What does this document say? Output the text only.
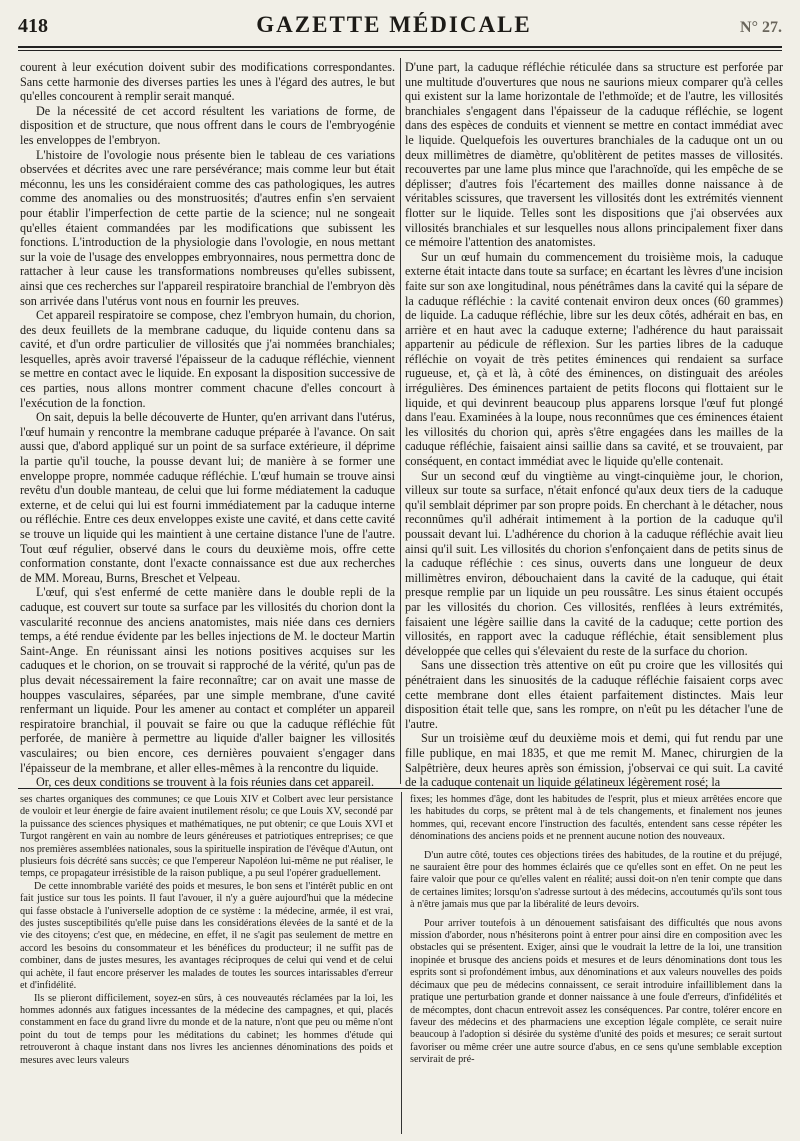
418	GAZETTE MÉDICALE	N° 27.

courent à leur exécution doivent subir des modifications correspondantes. Sans cette harmonie des diverses parties les unes à l'égard des autres, le but qu'elles concourent à remplir serait manqué.

De la nécessité de cet accord résultent les variations de forme, de disposition et de structure, que nous offrent dans le cours de l'embryogénie les enveloppes de l'embryon.

L'histoire de l'ovologie nous présente bien le tableau de ces variations observées et décrites avec une rare persévérance; mais comme leur but était méconnu, les uns les considéraient comme des cas pathologiques, les autres comme des anomalies ou des monstruosités; d'autres enfin s'en servaient pour établir l'imperfection de cette partie de la science; nul ne songeait qu'elles étaient commandées par les modifications que subissent les fonctions. L'introduction de la physiologie dans l'ovologie, en nous mettant sur la voie de l'usage des enveloppes embryonnaires, nous permettra donc de rattacher à leur cause les transformations nombreuses qu'elles subissent, ainsi que ces recherches sur l'appareil respiratoire branchial de l'embryon dès son arrivée dans l'utérus vont nous en fournir les preuves.

Cet appareil respiratoire se compose, chez l'embryon humain, du chorion, des deux feuillets de la membrane caduque, du liquide contenu dans sa cavité, et d'un ordre particulier de villosités que j'ai nommées branchiales; lesquelles, après avoir traversé l'épaisseur de la caduque réfléchie, viennent se mettre en contact avec le liquide. En exposant la disposition successive de ces parties, nous allons montrer comment chacune d'elles concourt à l'exécution de la fonction.

On sait, depuis la belle découverte de Hunter, qu'en arrivant dans l'utérus, l'œuf humain y rencontre la membrane caduque préparée à l'avance. On sait aussi que, d'abord appliqué sur un point de sa surface extérieure, il déprime la partie qu'il touche, la pousse devant lui; de manière à se former une enveloppe propre, nommée caduque réfléchie. L'œuf humain se trouve ainsi revêtu d'un double manteau, de celui que lui forme médiatement la caduque externe, et de celui qui lui est fourni immédiatement par la caduque interne ou réfléchie. Entre ces deux enveloppes existe une cavité, et dans cette cavité se trouve un liquide qui les maintient à une certaine distance l'une de l'autre. Tout œuf régulier, observé dans le cours du deuxième mois, offre cette conformation constante, dont l'exacte connaissance est due aux recherches de MM. Moreau, Burns, Breschet et Velpeau.

L'œuf, qui s'est enfermé de cette manière dans le double repli de la caduque, est couvert sur toute sa surface par les villosités du chorion dont la vascularité reconnue des anciens anatomistes, mais niée dans ces derniers temps, a été rendue évidente par les belles injections de M. le docteur Martin Saint-Ange. En réunissant ainsi les notions positives acquises sur les caduques et le chorion, on se trouvait si rapproché de la vérité, qu'un pas de plus devait nécessairement la faire reconnaître; car on avait une masse de houppes vasculaires, séparées, par une simple membrane, d'une cavité renfermant un liquide. Pour les amener au contact et compléter un appareil respiratoire branchial, il pouvait se faire ou que la caduque réfléchie fût perforée, de manière à permettre au liquide d'aller baigner les villosités vasculaires; ou bien encore, ces dernières pouvaient s'engager dans l'épaisseur de la membrane, et aller elles-mêmes à la rencontre du liquide.

Or, ces deux conditions se trouvent à la fois réunies dans cet appareil.

D'une part, la caduque réfléchie réticulée dans sa structure est perforée par une multitude d'ouvertures que nous ne saurions mieux comparer qu'à celles qui existent sur la lame horizontale de l'ethmoïde; et de l'autre, les villosités branchiales s'engagent dans l'épaisseur de la caduque réfléchie, se logent dans des espèces de conduits et viennent se mettre en contact immédiat avec le liquide. Quelquefois les ouvertures branchiales de la caduque ont un ou deux millimètres de diamètre, qu'oblitèrent de petites masses de villosités. recouvertes par une lame plus mince que l'arachnoïde, qui les empêche de se déplisser; d'autres fois l'écartement des mailles donne naissance à de véritables scissures, que traversent les villosités dont les extrémités viennent flotter sur le liquide. Telles sont les dispositions que j'ai observées aux villosités branchiales et sur lesquelles nous allons principalement fixer dans ce mémoire l'attention des anatomistes.

Sur un œuf humain du commencement du troisième mois, la caduque externe était intacte dans toute sa surface; en écartant les lèvres d'une incision faite sur son axe longitudinal, nous pénétrâmes dans la cavité qui la sépare de la caduque réfléchie : la cavité contenait environ deux onces (60 grammes) de liquide. La caduque réfléchie, libre sur les deux côtés, adhérait en bas, en arrière et en haut avec la caduque externe; l'adhérence du haut paraissait appartenir au pédicule de réflexion. Sur les parties libres de la caduque réfléchie on voyait de très petites éminences qui rendaient sa surface rugueuse, et, çà et là, à côté des éminences, on distinguait des aréoles irrégulières. Des éminences partaient de petits flocons qui flottaient sur le liquide, et qui devinrent beaucoup plus apparens lorsque l'œuf fut plongé dans l'eau. Examinées à la loupe, nous reconnûmes que ces éminences étaient les villosités du chorion qui, après s'être engagées dans les mailles de la caduque réfléchie, faisaient ainsi saillie dans sa cavité, et se trouvaient, par conséquent, en contact immédiat avec le liquide qu'elle contenait.

Sur un second œuf du vingtième au vingt-cinquième jour, le chorion, villeux sur toute sa surface, n'était enfoncé qu'aux deux tiers de la caduque qu'il semblait déprimer par son propre poids. En cherchant à le détacher, nous reconnûmes qu'il adhérait intimement à la portion de la caduque qu'il poussait devant lui. L'adhérence du chorion à la caduque réfléchie avait lieu ainsi qu'il suit. Les villosités du chorion s'enfonçaient dans de petits sinus de la caduque réfléchie : ces sinus, ouverts dans une longueur de deux millimètres environ, débouchaient dans la cavité de la caduque, qui était presque remplie par un liquide un peu roussâtre. Les sinus étaient occupés par les villosités du chorion. Ces villosités, renflées à leurs extrémités, faisaient une légère saillie dans la cavité de la caduque; cette portion des villosités, en rapport avec la caduque réfléchie, était sensiblement plus développée que celles qui s'élevaient du reste de la surface du chorion.

Sans une dissection très attentive on eût pu croire que les villosités qui pénétraient dans les sinuosités de la caduque réfléchie faisaient corps avec cette membrane dont elles étaient parfaitement distinctes. Mais leur disposition était telle que, sans les rompre, on n'eût pu les détacher l'une de l'autre.

Sur un troisième œuf du deuxième mois et demi, qui fut rendu par une fille publique, en mai 1835, et que me remit M. Manec, chirurgien de la Salpêtrière, deux heures après son émission, j'observai ce qui suit. La cavité de la caduque contenait un liquide gélatineux légèrement rosé; la

ses chartes organiques des communes; ce que Louis XIV et Colbert avec leur persistance de vouloir et leur énergie de faire avaient inutilement résolu; ce que Louis XV, secondé par la puissance des sciences physiques et mathématiques, ne put obtenir; ce que Louis XVI et Turgot rangèrent en vain au nombre de leurs généreuses et patriotiques entreprises; ce que nos premières assemblées nationales, sous la spirituelle inspiration de l'évêque d'Autun, ont plusieurs fois décrété sans succès; ce que l'empereur Napoléon lui-même ne put réaliser, le temps, ce propagateur irrésistible de la raison publique, a pu seul l'opérer graduellement.

De cette innombrable variété des poids et mesures, le bon sens et l'intérêt public en ont fait justice sur tous les points. Il faut l'avouer, il n'y a guère aujourd'hui que la médecine qui fasse obstacle à l'universelle adoption de ce système : la médecine, armée, il est vrai, des justes susceptibilités qu'elle puise dans les considérations élevées de la santé et de la vie des citoyens; c'est que, en médecine, en effet, il ne s'agit pas seulement de mettre en accord les besoins du consommateur et les bénéfices du producteur; il ne suffit pas de combiner, dans de justes mesures, les avantages réciproques de celui qui vend et de celui qui achète, il faut encore préserver les malades de toutes les sources intarissables d'erreur et d'infidélité.

Ils se plieront difficilement, soyez-en sûrs, à ces nouveautés réclamées par la loi, les hommes adonnés aux fatigues incessantes de la médecine des campagnes, et qui, placés constamment en face du grand livre du monde et de la nature, n'ont que peu ou même n'ont point du tout de temps pour les méditations du cabinet; les hommes d'étude qui retrouveront à chaque instant dans nos livres les anciennes dénominations des poids et mesures avec leurs valeurs

fixes; les hommes d'âge, dont les habitudes de l'esprit, plus et mieux arrêtées encore que les habitudes du corps, se prêtent mal à de tels changements, et finalement nos jeunes hommes, qui, recevant encore l'instruction des facultés, entendent sans cesse répéter les dénominations des anciens poids et ne prennent aucune notion des nouveaux.

D'un autre côté, toutes ces objections tirées des habitudes, de la routine et du préjugé, ne sauraient être pour des hommes éclairés que ce qu'elles sont en effet. On ne peut les faire valoir que pour ce qu'elles valent en réalité; aussi doit-on n'en tenir compte que dans de certaines limites; lorsqu'on s'adresse surtout à des médecins, accoutumés qu'ils sont tous à n'être jamais mus que par la libéralité de leurs devoirs.

Pour arriver toutefois à un dénouement satisfaisant des difficultés que nous avons mission d'aborder, nous n'hésiterons point à entrer pour ainsi dire en composition avec les obstacles qui se présentent. Exiger, ainsi que le voudrait la lettre de la loi, une transition inopinée et brusque des anciens poids et mesures et de leurs dénominations dont tous les esprits sont si profondément imbus, aux dénominations et aux valeurs nouvelles des poids décimaux que peu de médecins connaissent, ce serait introduire infailliblement dans la pratique une perturbation grande et donner naissance à une foule d'erreurs, d'infidélités et de mécomptes, dont chacun entrevoit assez les conséquences. Par contre, tolérer encore en faveur des médecins et des pharmaciens une exception légale complète, ce serait nuire beaucoup à l'adoption si désirée du système d'unité des poids et mesures; ce serait surtout favoriser ou même créer une autre source d'abus, en ce sens qu'une semblable exception servirait de pré-
